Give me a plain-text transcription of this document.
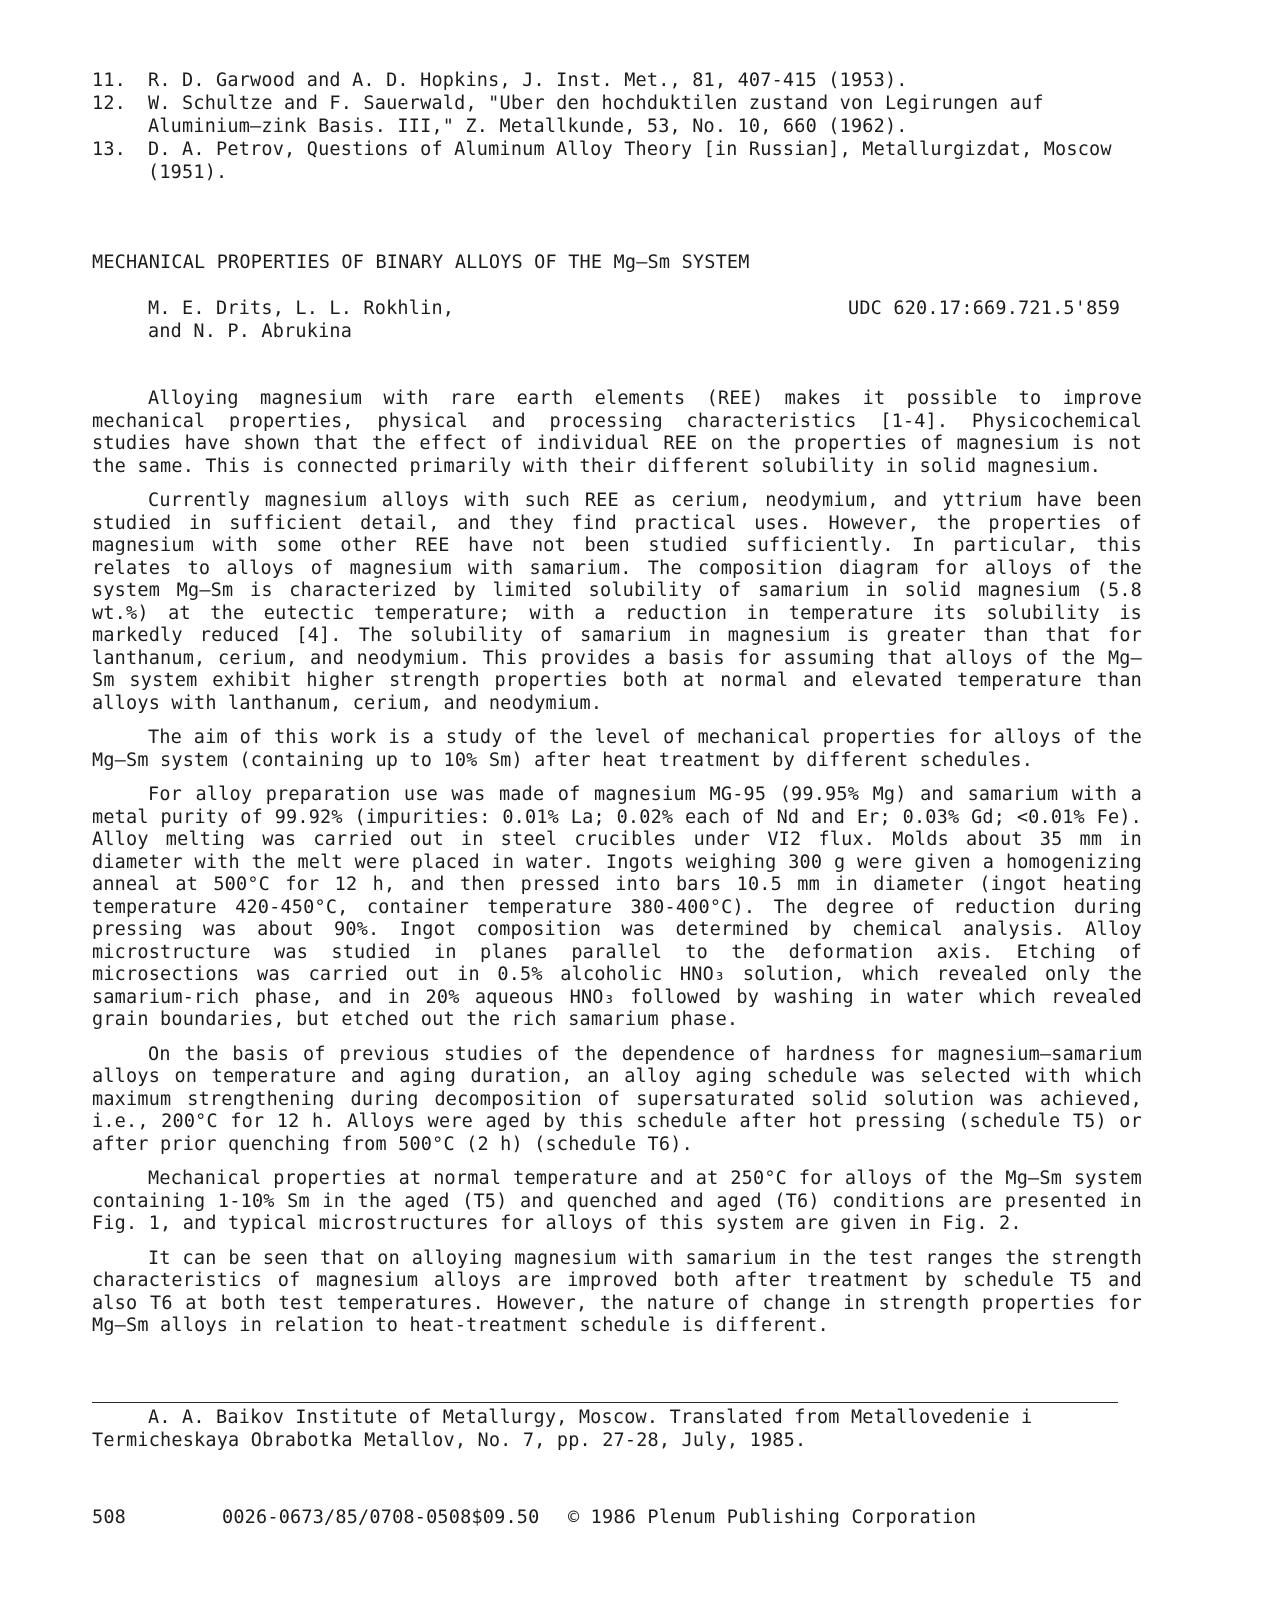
11.	R. D. Garwood and A. D. Hopkins, J. Inst. Met., 81, 407-415 (1953).
12.	W. Schultze and F. Sauerwald, "Uber den hochduktilen zustand von Legirungen auf Aluminium–zink Basis. III," Z. Metallkunde, 53, No. 10, 660 (1962).
13.	D. A. Petrov, Questions of Aluminum Alloy Theory [in Russian], Metallurgizdat, Moscow (1951).
MECHANICAL PROPERTIES OF BINARY ALLOYS OF THE Mg–Sm SYSTEM
M. E. Drits, L. L. Rokhlin,
and N. P. Abrukina
UDC 620.17:669.721.5'859

Alloying magnesium with rare earth elements (REE) makes it possible to improve mechanical properties, physical and processing characteristics [1-4]. Physicochemical studies have shown that the effect of individual REE on the properties of magnesium is not the same. This is connected primarily with their different solubility in solid magnesium.

Currently magnesium alloys with such REE as cerium, neodymium, and yttrium have been studied in sufficient detail, and they find practical uses. However, the properties of magnesium with some other REE have not been studied sufficiently. In particular, this relates to alloys of magnesium with samarium. The composition diagram for alloys of the system Mg–Sm is characterized by limited solubility of samarium in solid magnesium (5.8 wt.%) at the eutectic temperature; with a reduction in temperature its solubility is markedly reduced [4]. The solubility of samarium in magnesium is greater than that for lanthanum, cerium, and neodymium. This provides a basis for assuming that alloys of the Mg–Sm system exhibit higher strength properties both at normal and elevated temperature than alloys with lanthanum, cerium, and neodymium.

The aim of this work is a study of the level of mechanical properties for alloys of the Mg–Sm system (containing up to 10% Sm) after heat treatment by different schedules.

For alloy preparation use was made of magnesium MG-95 (99.95% Mg) and samarium with a metal purity of 99.92% (impurities: 0.01% La; 0.02% each of Nd and Er; 0.03% Gd; <0.01% Fe). Alloy melting was carried out in steel crucibles under VI2 flux. Molds about 35 mm in diameter with the melt were placed in water. Ingots weighing 300 g were given a homogenizing anneal at 500°C for 12 h, and then pressed into bars 10.5 mm in diameter (ingot heating temperature 420-450°C, container temperature 380-400°C). The degree of reduction during pressing was about 90%. Ingot composition was determined by chemical analysis. Alloy microstructure was studied in planes parallel to the deformation axis. Etching of microsections was carried out in 0.5% alcoholic HNO₃ solution, which revealed only the samarium-rich phase, and in 20% aqueous HNO₃ followed by washing in water which revealed grain boundaries, but etched out the rich samarium phase.

On the basis of previous studies of the dependence of hardness for magnesium–samarium alloys on temperature and aging duration, an alloy aging schedule was selected with which maximum strengthening during decomposition of supersaturated solid solution was achieved, i.e., 200°C for 12 h. Alloys were aged by this schedule after hot pressing (schedule T5) or after prior quenching from 500°C (2 h) (schedule T6).

Mechanical properties at normal temperature and at 250°C for alloys of the Mg–Sm system containing 1-10% Sm in the aged (T5) and quenched and aged (T6) conditions are presented in Fig. 1, and typical microstructures for alloys of this system are given in Fig. 2.

It can be seen that on alloying magnesium with samarium in the test ranges the strength characteristics of magnesium alloys are improved both after treatment by schedule T5 and also T6 at both test temperatures. However, the nature of change in strength properties for Mg–Sm alloys in relation to heat-treatment schedule is different.

A. A. Baikov Institute of Metallurgy, Moscow. Translated from Metallovedenie i Termicheskaya Obrabotka Metallov, No. 7, pp. 27-28, July, 1985.
508	0026-0673/85/0708-0508$09.50 © 1986 Plenum Publishing Corporation
